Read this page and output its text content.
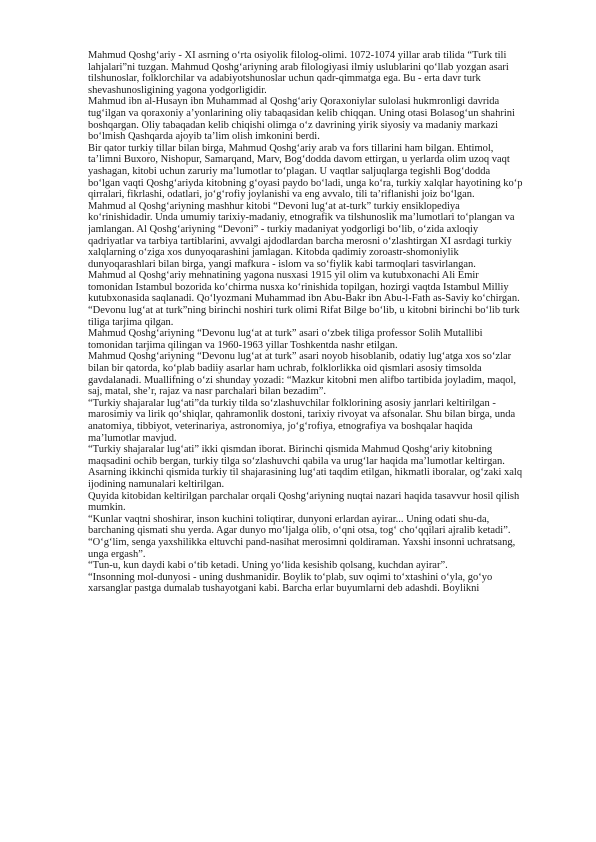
Mahmud Qoshg‘ariy - XI asrning o‘rta osiyolik filolog-olimi. 1072-1074 yillar arab tilida “Turk tili lahjalari”ni tuzgan. Mahmud Qoshg‘ariyning arab filologiyasi ilmiy uslublarini qo‘llab yozgan asari tilshunoslar, folklorchilar va adabiyotshunoslar uchun qadr-qimmatga ega. Bu - erta davr turk shevashunosligining yagona yodgorligidir.

Mahmud ibn al-Husayn ibn Muhammad al Qoshg‘ariy Qoraxoniylar sulolasi hukmronligi davrida tug‘ilgan va qoraxoniy a’yonlarining oliy tabaqasidan kelib chiqqan. Uning otasi Bolasog‘un shahrini boshqargan. Oliy tabaqadan kelib chiqishi olimga o‘z davrining yirik siyosiy va madaniy markazi bo‘lmish Qashqarda ajoyib ta’lim olish imkonini berdi.

Bir qator turkiy tillar bilan birga, Mahmud Qoshg‘ariy arab va fors tillarini ham bilgan. Ehtimol, ta’limni Buxoro, Nishopur, Samarqand, Marv, Bog‘dodda davom ettirgan, u yerlarda olim uzoq vaqt yashagan, kitobi uchun zaruriy ma’lumotlar to‘plagan. U vaqtlar saljuqlarga tegishli Bog‘dodda bo‘lgan vaqti Qoshg‘ariyda kitobning g‘oyasi paydo bo‘ladi, unga ko‘ra, turkiy xalqlar hayotining ko‘p qirralari, fikrlashi, odatlari, jo‘g‘rofiy joylanishi va eng avvalo, tili ta’riflanishi joiz bo‘lgan.

Mahmud al Qoshg‘ariyning mashhur kitobi “Devoni lug‘at at-turk” turkiy ensiklopediya ko‘rinishidadir. Unda umumiy tarixiy-madaniy, etnografik va tilshunoslik ma’lumotlari to‘plangan va jamlangan. Al Qoshg‘ariyning “Devoni” - turkiy madaniyat yodgorligi bo‘lib, o‘zida axloqiy qadriyatlar va tarbiya tartiblarini, avvalgi ajdodlardan barcha merosni o‘zlashtirgan XI asrdagi turkiy xalqlarning o‘ziga xos dunyoqarashini jamlagan. Kitobda qadimiy zoroastr-shomoniylik dunyoqarashlari bilan birga, yangi mafkura - islom va so‘fiylik kabi tarmoqlari tasvirlangan.

Mahmud al Qoshg‘ariy mehnatining yagona nusxasi 1915 yil olim va kutubxonachi Ali Emir tomonidan Istambul bozorida ko‘chirma nusxa ko‘rinishida topilgan, hozirgi vaqtda Istambul Milliy kutubxonasida saqlanadi. Qo‘lyozmani Muhammad ibn Abu-Bakr ibn Abu-l-Fath as-Saviy ko‘chirgan.

“Devonu lug‘at at turk”ning birinchi noshiri turk olimi Rifat Bilge bo‘lib, u kitobni birinchi bo‘lib turk tiliga tarjima qilgan.

Mahmud Qoshg‘ariyning “Devonu lug‘at at turk” asari o‘zbek tiliga professor Solih Mutallibi tomonidan tarjima qilingan va 1960-1963 yillar Toshkentda nashr etilgan.

Mahmud Qoshg‘ariyning “Devonu lug‘at at turk” asari noyob hisoblanib, odatiy lug‘atga xos so‘zlar bilan bir qatorda, ko‘plab badiiy asarlar ham uchrab, folklorlikka oid qismlari asosiy timsolda gavdalanadi. Muallifning o‘zi shunday yozadi: “Mazkur kitobni men alifbo tartibida joyladim, maqol, saj, matal, she’r, rajaz va nasr parchalari bilan bezadim”.

“Turkiy shajaralar lug‘ati”da turkiy tilda so‘zlashuvchilar folklorining asosiy janrlari keltirilgan - marosimiy va lirik qo‘shiqlar, qahramonlik dostoni, tarixiy rivoyat va afsonalar. Shu bilan birga, unda anatomiya, tibbiyot, veterinariya, astronomiya, jo‘g‘rofiya, etnografiya va boshqalar haqida ma’lumotlar mavjud.

“Turkiy shajaralar lug‘ati” ikki qismdan iborat. Birinchi qismida Mahmud Qoshg‘ariy kitobning maqsadini ochib bergan, turkiy tilga so‘zlashuvchi qabila va urug‘lar haqida ma’lumotlar keltirgan.

Asarning ikkinchi qismida turkiy til shajarasining lug‘ati taqdim etilgan, hikmatli iboralar, og‘zaki xalq ijodining namunalari keltirilgan.

Quyida kitobidan keltirilgan parchalar orqali Qoshg‘ariyning nuqtai nazari haqida tasavvur hosil qilish mumkin.

“Kunlar vaqtni shoshirar, inson kuchini toliqtirar, dunyoni erlardan ayirar... Uning odati shu-da, barchaning qismati shu yerda. Agar dunyo mo‘ljalga olib, o‘qni otsa, tog‘ cho‘qqilari ajralib ketadi”.

“O‘g‘lim, senga yaxshilikka eltuvchi pand-nasihat merosimni qoldiraman. Yaxshi insonni uchratsang, unga ergash”.

“Tun-u, kun daydi kabi o‘tib ketadi. Uning yo‘lida kesishib qolsang, kuchdan ayirar”.

“Insonning mol-dunyosi - uning dushmanidir. Boylik to‘plab, suv oqimi to‘xtashini o‘yla, go‘yo xarsanglar pastga dumalab tushayotgani kabi. Barcha erlar buyumlarni deb adashdi. Boylikni
